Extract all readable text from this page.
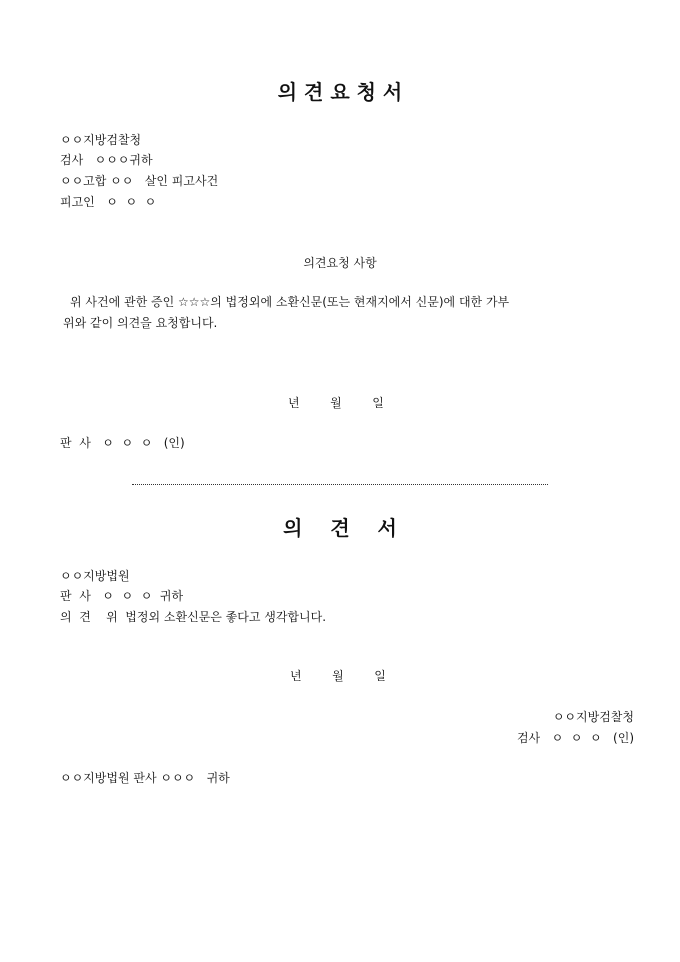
의 견 요 청 서
ㅇㅇ지방검찰청
검사   ㅇㅇㅇ귀하
ㅇㅇ고합 ㅇㅇ   살인 피고사건
피고인   ㅇ  ㅇ  ㅇ
의견요청 사항
위 사건에 관한 증인 ☆☆☆의 법정외에 소환신문(또는 현재지에서 신문)에 대한 가부
위와 같이 의견을 요청합니다.
년        월        일
판  사   ㅇ  ㅇ  ㅇ   (인)
의    견    서
ㅇㅇ지방법원
판  사   ㅇ  ㅇ  ㅇ  귀하
의  견    위  법정외 소환신문은 좋다고 생각합니다.
년        월        일
ㅇㅇ지방검찰청
검사   ㅇ  ㅇ  ㅇ   (인)
ㅇㅇ지방법원 판사 ㅇㅇㅇ   귀하
